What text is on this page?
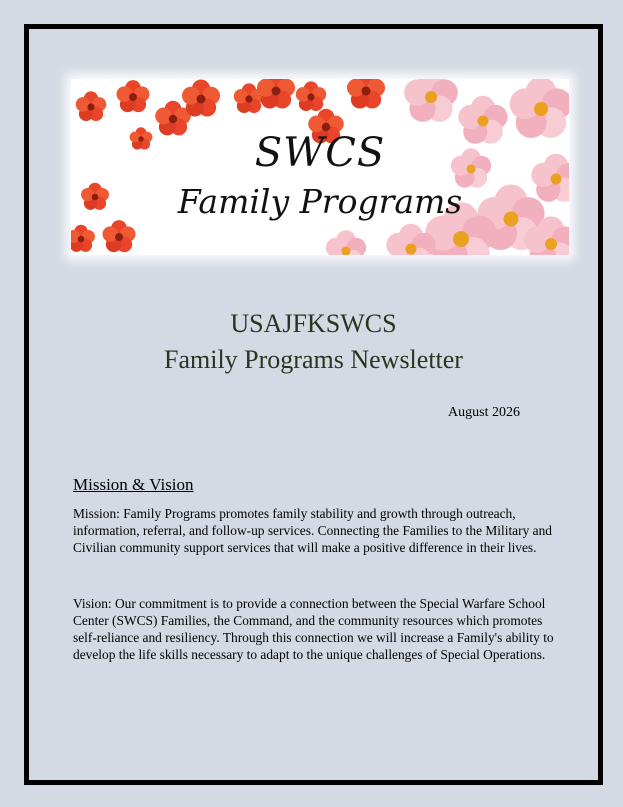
SWCS
Family Programs
USAJFKSWCS
Family Programs Newsletter
August 2026
Mission & Vision

Mission: Family Programs promotes family stability and growth through outreach, information, referral, and follow-up services. Connecting the Families to the Military and Civilian community support services that will make a positive difference in their lives.

Vision: Our commitment is to provide a connection between the Special Warfare School Center (SWCS) Families, the Command, and the community resources which promotes self-reliance and resiliency. Through this connection we will increase a Family's ability to develop the life skills necessary to adapt to the unique challenges of Special Operations.
